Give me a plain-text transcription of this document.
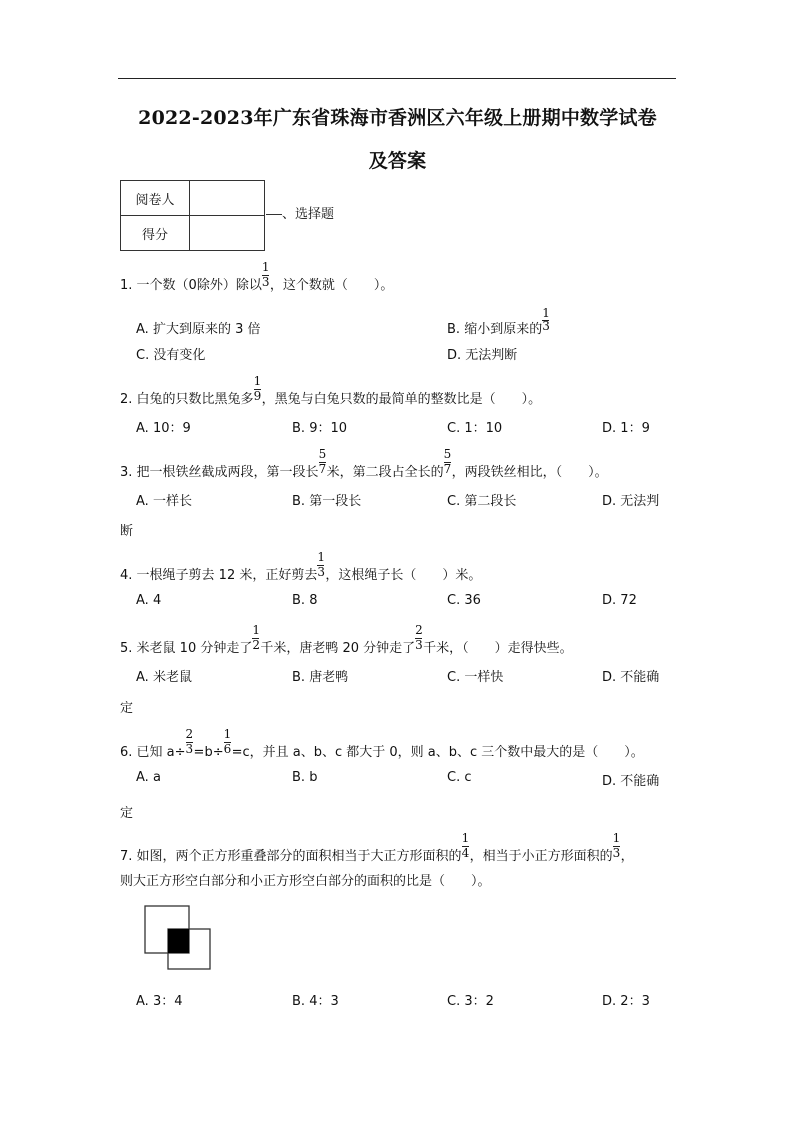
2022-2023年广东省珠海市香洲区六年级上册期中数学试卷
及答案
阅卷人	
得分	
、选择题
1. 一个数（0除外）除以 $\frac{1}{3}$，这个数就（　　）。
A. 扩大到原来的 3 倍	B. 缩小到原来的 $\frac{1}{3}$
C. 没有变化	D. 无法判断
2. 白兔的只数比黑兔多 $\frac{1}{9}$，黑兔与白兔只数的最简单的整数比是（　　）。
A. 10：9	B. 9：10	C. 1：10	D. 1：9
3. 把一根铁丝截成两段，第一段长 $\frac{5}{7}$米，第二段占全长的 $\frac{5}{7}$，两段铁丝相比，（　　）。
A. 一样长	B. 第一段长	C. 第二段长	D. 无法判
断
4. 一根绳子剪去 12 米，正好剪去 $\frac{1}{3}$，这根绳子长（　　）米。
A. 4	B. 8	C. 36	D. 72
5. 米老鼠 10 分钟走了 $\frac{1}{2}$千米，唐老鸭 20 分钟走了 $\frac{2}{3}$千米，（　　）走得快些。
A. 米老鼠	B. 唐老鸭	C. 一样快	D. 不能确
定
6. 已知 $a\div \frac{2}{3}=b\div \frac{1}{6}=c$，并且 a、b、c 都大于 0，则 a、b、c 三个数中最大的是（　　）。
A. a	B. b	C. c	D. 不能确
定
7. 如图，两个正方形重叠部分的面积相当于大正方形面积的 $\frac{1}{4}$，相当于小正方形面积的 $\frac{1}{3}$，
则大正方形空白部分和小正方形空白部分的面积的比是（　　）。
A. 3：4	B. 4：3	C. 3：2	D. 2：3
